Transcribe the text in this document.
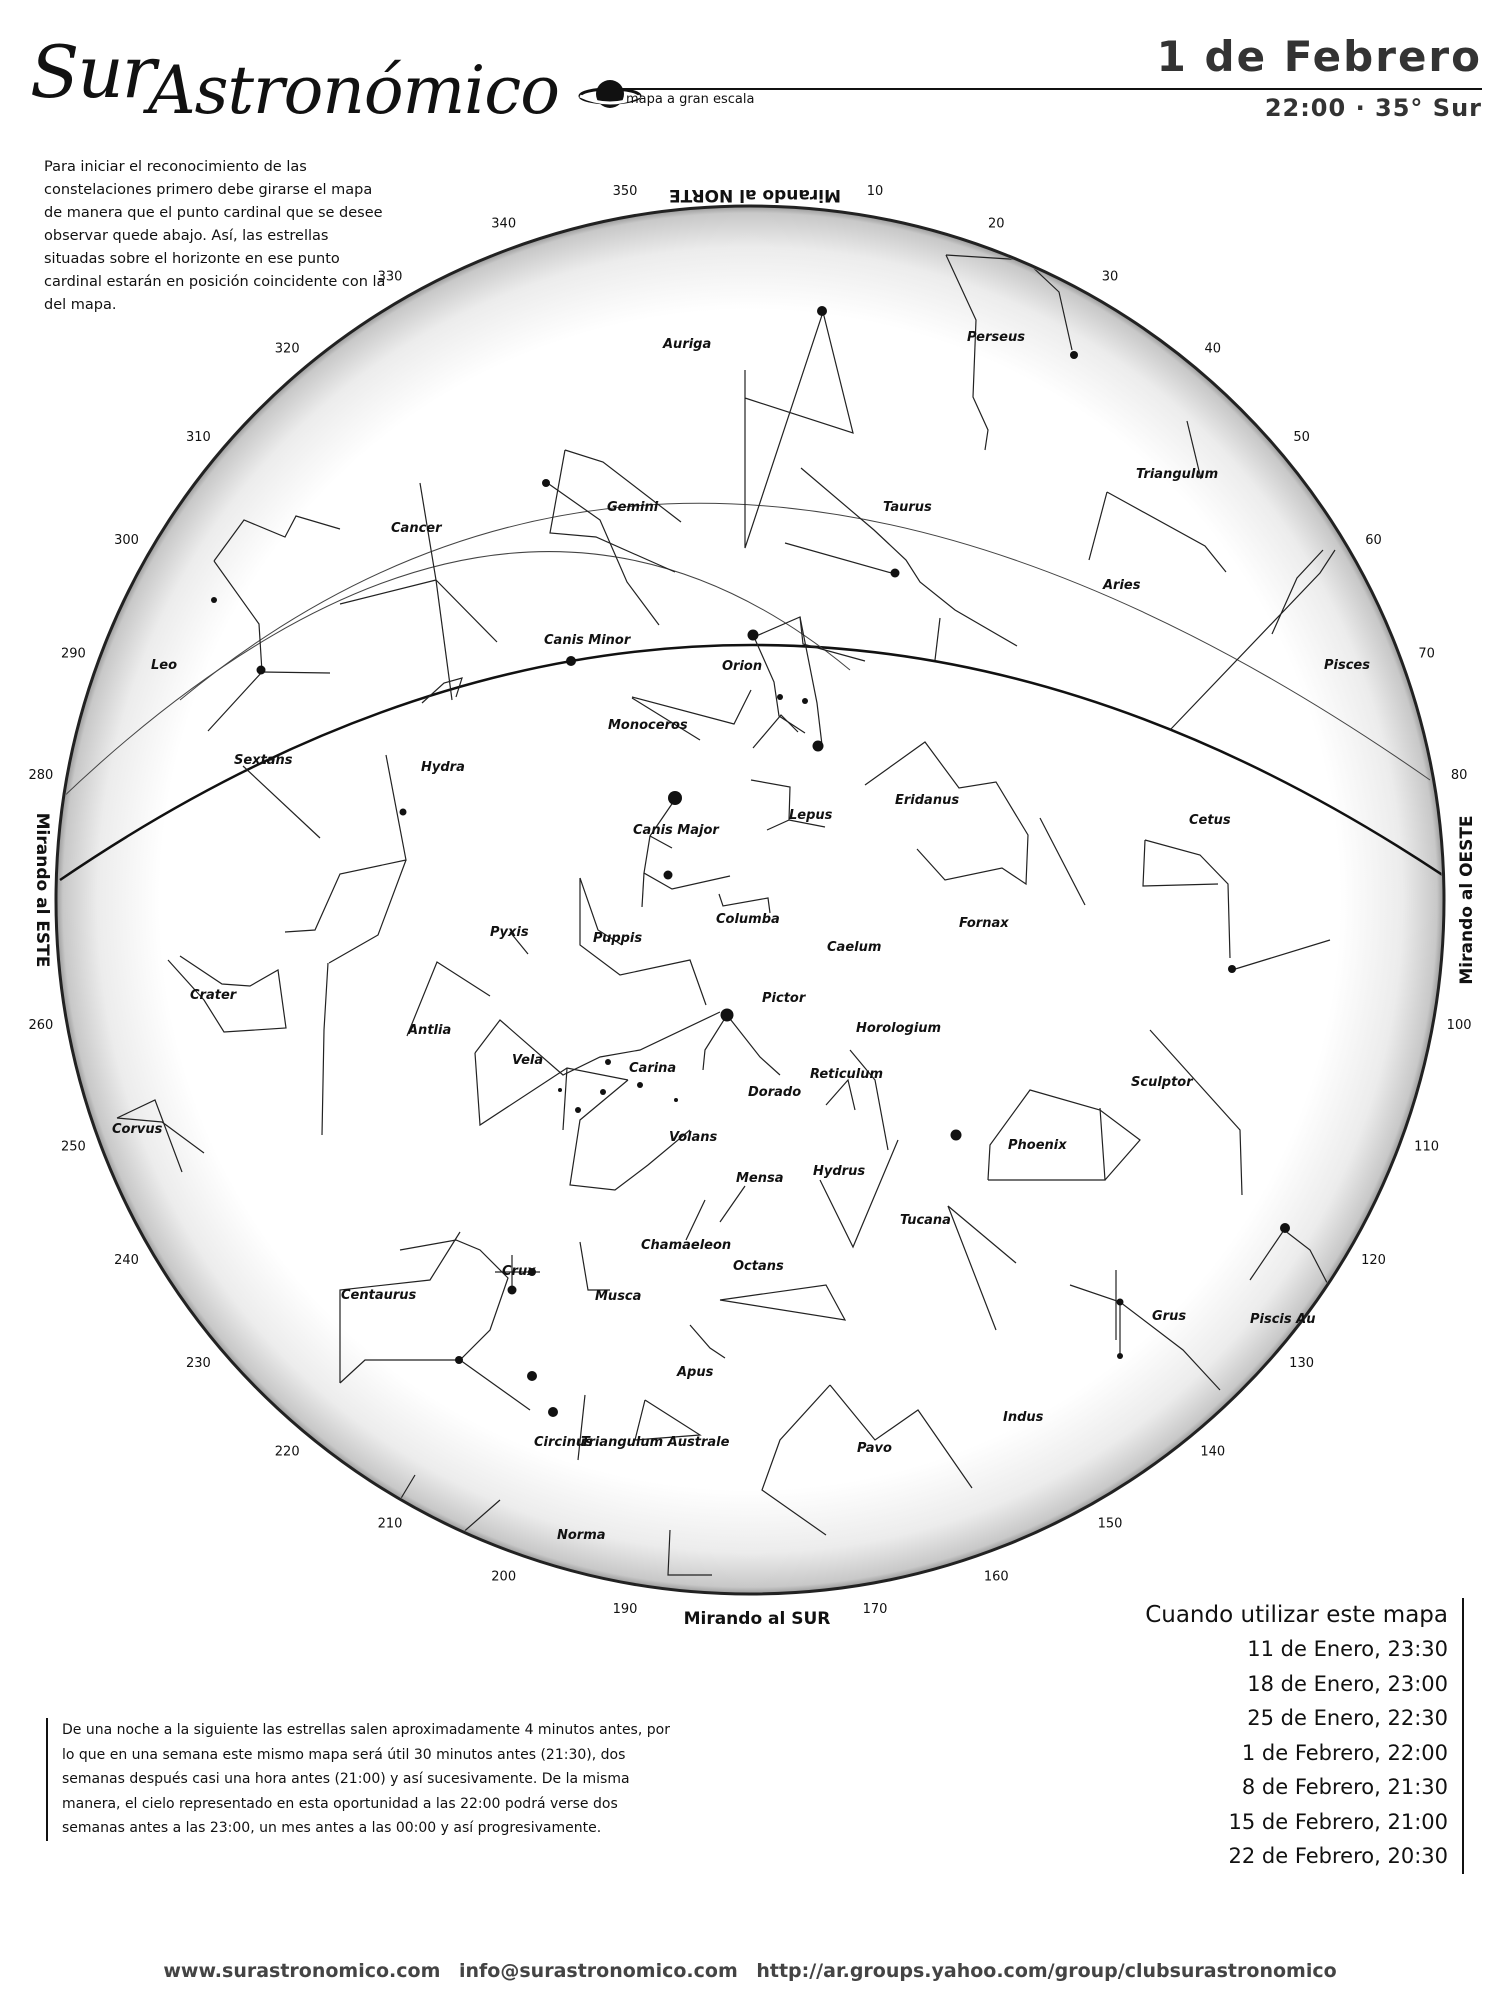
Sur
Astronómico	mapa a gran escala
1 de Febrero
22:00 · 35° Sur
Para iniciar el reconocimiento de las constelaciones primero debe girarse el mapa de manera que el punto cardinal que se desee observar quede abajo. Así, las estrellas situadas sobre el horizonte en ese punto cardinal estarán en posición coincidente con la del mapa.
10
20
30
40
50
60
70
80
100
110
120
130
140
150
160
170
190
200
210
220
230
240
250
260
280
290
300
310
320
330
340
350 Mirando al NORTE
Mirando al SUR
Mirando al ESTE	Mirando al OESTE
Auriga	Perseus
Triangulum
Taurus
Gemini
Cancer
Aries
Canis Minor
Orion
Leo	Pisces
Monoceros
Sextans	Hydra
Eridanus
Cetus
Canis Major
Lepus
Columba	Fornax
Pyxis	Puppis
Caelum
Crater
Antlia
Pictor
Horologium
Vela
Carina	Reticulum
Dorado
Sculptor
Corvus
Volans
Phoenix
Mensa Hydrus
Tucana
Chamaeleon
Crux	Octans
Centaurus	Musca
Grus	Piscis Au
Apus
Indus
Circinus
Triangulum Australe	Pavo
Norma
Cuando utilizar este mapa
11 de Enero, 23:30
18 de Enero, 23:00
25 de Enero, 22:30
1 de Febrero, 22:00
8 de Febrero, 21:30
15 de Febrero, 21:00
22 de Febrero, 20:30
De una noche a la siguiente las estrellas salen aproximadamente 4 minutos antes, por lo que en una semana este mismo mapa será útil 30 minutos antes (21:30), dos semanas después casi una hora antes (21:00) y así sucesivamente. De la misma manera, el cielo representado en esta oportunidad a las 22:00 podrá verse dos semanas antes a las 23:00, un mes antes a las 00:00 y así progresivamente.
www.surastronomico.com info@surastronomico.com http://ar.groups.yahoo.com/group/clubsurastronomico
